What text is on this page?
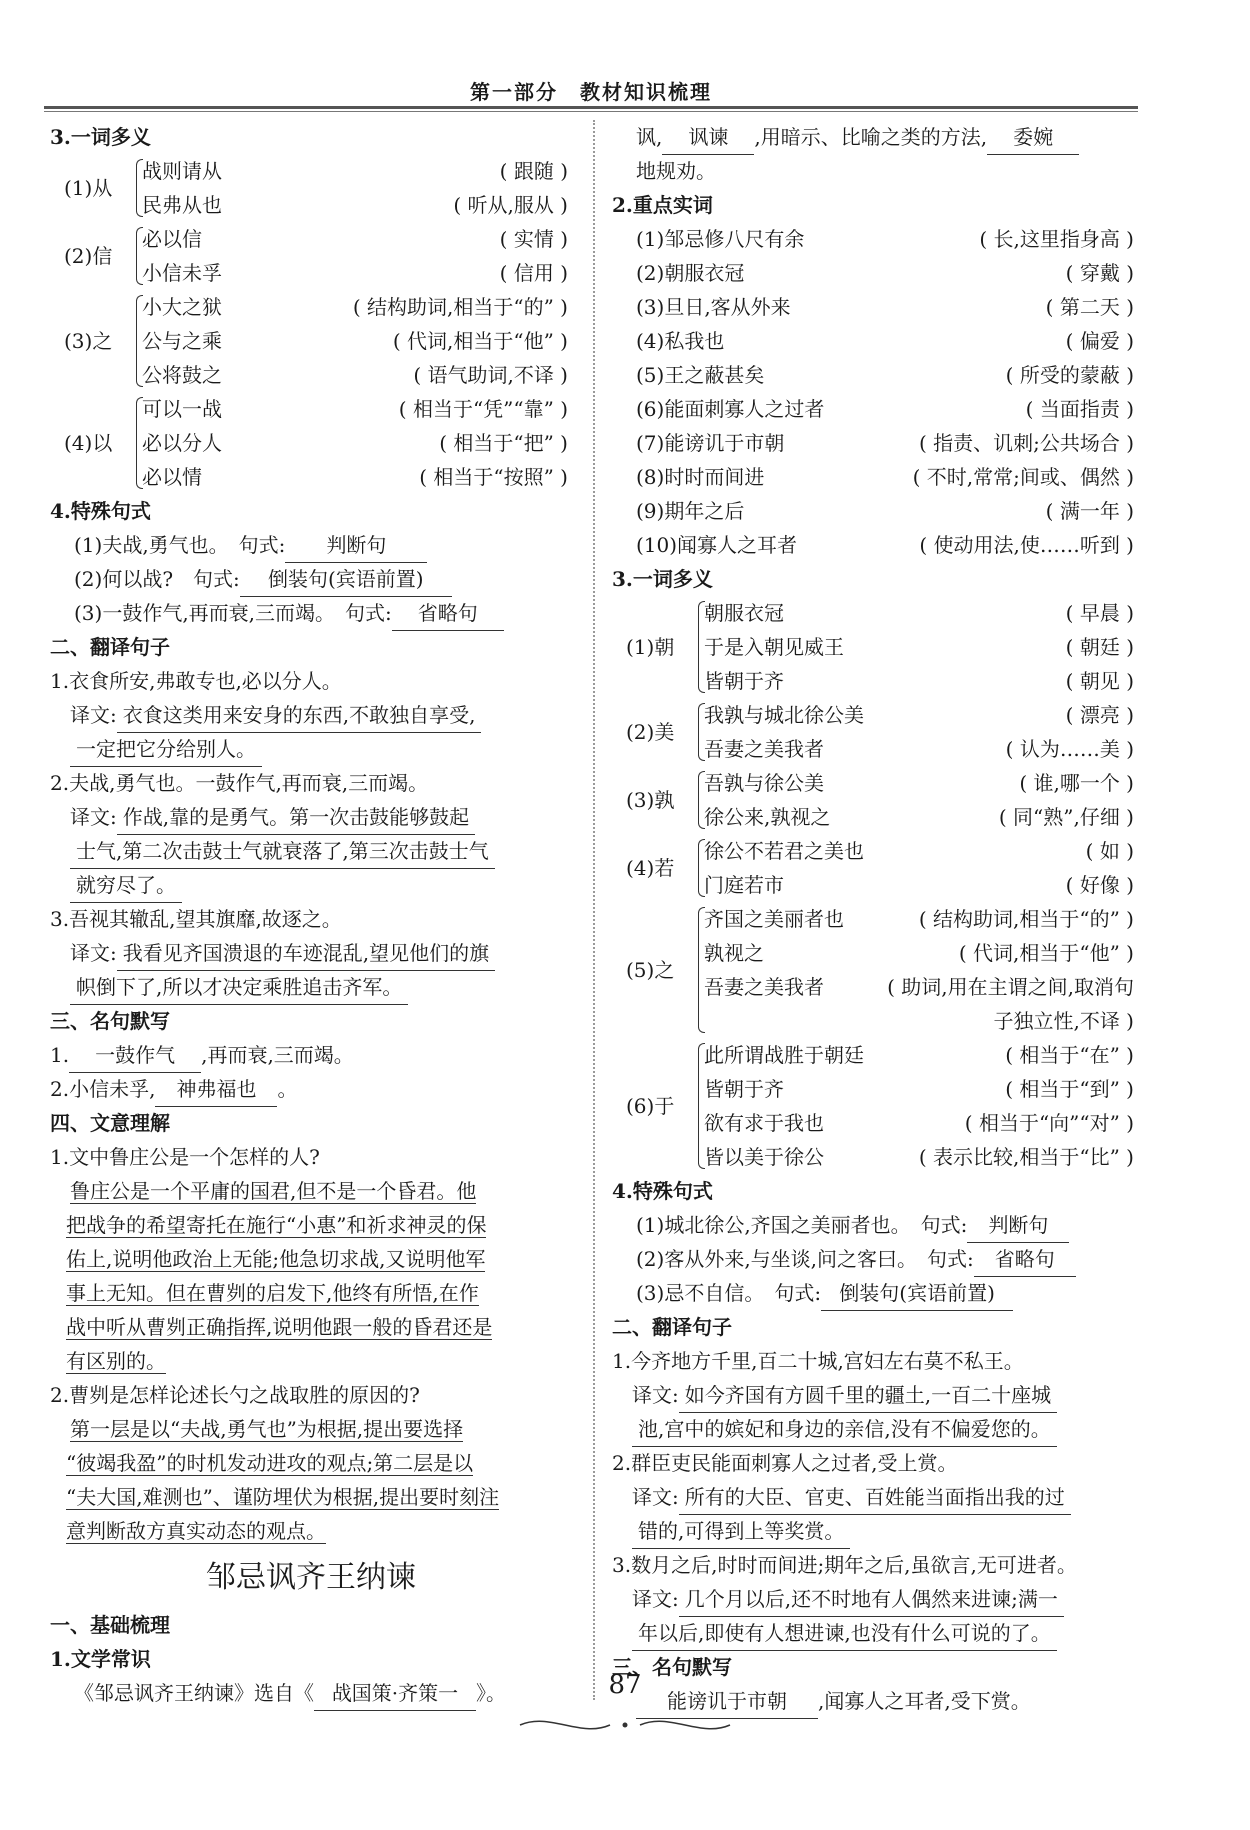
第一部分　教材知识梳理
3.一词多义
(1)从
战则请从	( 跟随 )
民弗从也	( 听从,服从 )
(2)信
必以信	( 实情 )
小信未孚	( 信用 )
(3)之
小大之狱	( 结构助词,相当于“的” )
公与之乘	( 代词,相当于“他” )
公将鼓之	( 语气助词,不译 )
(4)以
可以一战	( 相当于“凭”“靠” )
必以分人	( 相当于“把” )
必以情	( 相当于“按照” )
4.特殊句式
(1)夫战,勇气也。　句式: 判断句
(2)何以战?　句式: 倒装句(宾语前置)
(3)一鼓作气,再而衰,三而竭。　句式: 省略句
二、翻译句子
1.衣食所安,弗敢专也,必以分人。
译文: 衣食这类用来安身的东西,不敢独自享受,
一定把它分给别人。
2.夫战,勇气也。一鼓作气,再而衰,三而竭。
译文: 作战,靠的是勇气。第一次击鼓能够鼓起
士气,第二次击鼓士气就衰落了,第三次击鼓士气
就穷尽了。
3.吾视其辙乱,望其旗靡,故逐之。
译文: 我看见齐国溃退的车迹混乱,望见他们的旗
帜倒下了,所以才决定乘胜追击齐军。
三、名句默写
1. 一鼓作气 ,再而衰,三而竭。
2.小信未孚, 神弗福也 。
四、文意理解
1.文中鲁庄公是一个怎样的人?
鲁庄公是一个平庸的国君,但不是一个昏君。他
把战争的希望寄托在施行“小惠”和祈求神灵的保
佑上,说明他政治上无能;他急切求战,又说明他军
事上无知。但在曹刿的启发下,他终有所悟,在作
战中听从曹刿正确指挥,说明他跟一般的昏君还是
有区别的。
2.曹刿是怎样论述长勺之战取胜的原因的?
第一层是以“夫战,勇气也”为根据,提出要选择
“彼竭我盈”的时机发动进攻的观点;第二层是以
“夫大国,难测也”、谨防埋伏为根据,提出要时刻注
意判断敌方真实动态的观点。
邹忌讽齐王纳谏
一、基础梳理
1.文学常识
《邹忌讽齐王纳谏》选自《 战国策·齐策一 》。
讽, 讽谏 ,用暗示、比喻之类的方法, 委婉
地规劝。
2.重点实词
(1)邹忌修八尺有余	( 长,这里指身高 )
(2)朝服衣冠	( 穿戴 )
(3)旦日,客从外来	( 第二天 )
(4)私我也	( 偏爱 )
(5)王之蔽甚矣	( 所受的蒙蔽 )
(6)能面刺寡人之过者	( 当面指责 )
(7)能谤讥于市朝	( 指责、讥刺;公共场合 )
(8)时时而间进	( 不时,常常;间或、偶然 )
(9)期年之后	( 满一年 )
(10)闻寡人之耳者	( 使动用法,使……听到 )
3.一词多义
(1)朝
朝服衣冠	( 早晨 )
于是入朝见威王	( 朝廷 )
皆朝于齐	( 朝见 )
(2)美
我孰与城北徐公美	( 漂亮 )
吾妻之美我者	( 认为……美 )
(3)孰
吾孰与徐公美	( 谁,哪一个 )
徐公来,孰视之	( 同“熟”,仔细 )
(4)若
徐公不若君之美也	( 如 )
门庭若市	( 好像 )
(5)之
齐国之美丽者也	( 结构助词,相当于“的” )
孰视之	( 代词,相当于“他” )
吾妻之美我者	( 助词,用在主谓之间,取消句
子独立性,不译 )
(6)于
此所谓战胜于朝廷	( 相当于“在” )
皆朝于齐	( 相当于“到” )
欲有求于我也	( 相当于“向”“对” )
皆以美于徐公	( 表示比较,相当于“比” )
4.特殊句式
(1)城北徐公,齐国之美丽者也。　句式: 判断句
(2)客从外来,与坐谈,问之客曰。　句式: 省略句
(3)忌不自信。　句式: 倒装句(宾语前置)
二、翻译句子
1.今齐地方千里,百二十城,宫妇左右莫不私王。
译文: 如今齐国有方圆千里的疆土,一百二十座城
池,宫中的嫔妃和身边的亲信,没有不偏爱您的。
2.群臣吏民能面刺寡人之过者,受上赏。
译文: 所有的大臣、官吏、百姓能当面指出我的过
错的,可得到上等奖赏。
3.数月之后,时时而间进;期年之后,虽欲言,无可进者。
译文: 几个月以后,还不时地有人偶然来进谏;满一
年以后,即使有人想进谏,也没有什么可说的了。
三、名句默写
能谤讥于市朝 ,闻寡人之耳者,受下赏。
87
